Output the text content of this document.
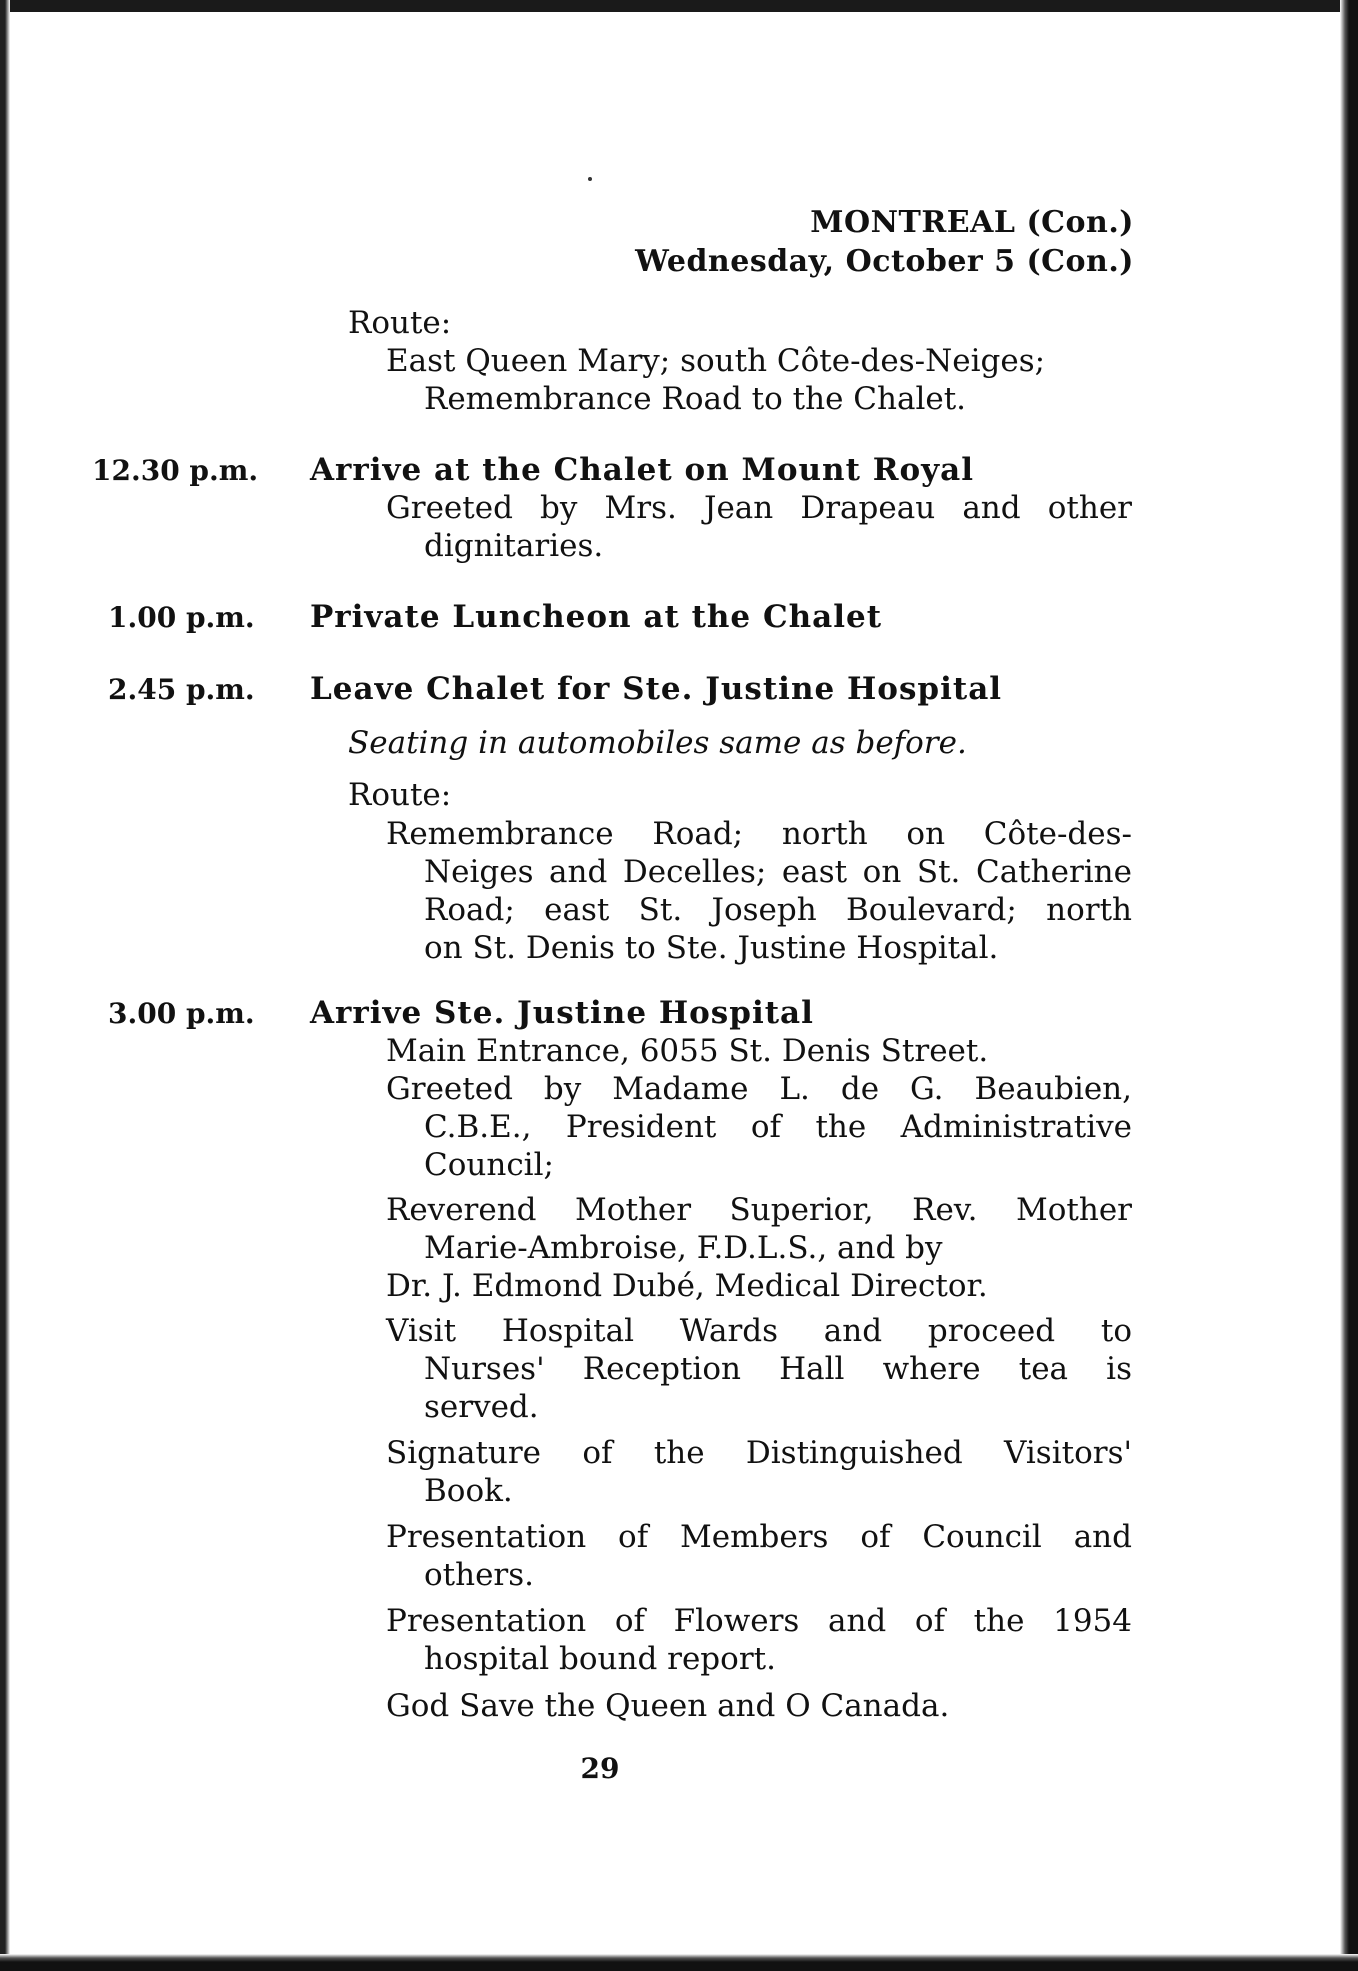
MONTREAL (Con.)
Wednesday, October 5 (Con.)
Route:
East Queen Mary; south Côte-des-Neiges;
Remembrance Road to the Chalet.
12.30 p.m. Arrive at the Chalet on Mount Royal
Greeted by Mrs. Jean Drapeau and other
dignitaries.
1.00 p.m. Private Luncheon at the Chalet
2.45 p.m. Leave Chalet for Ste. Justine Hospital
Seating in automobiles same as before.
Route:
Remembrance Road; north on Côte-des-
Neiges and Decelles; east on St. Catherine
Road; east St. Joseph Boulevard; north
on St. Denis to Ste. Justine Hospital.
3.00 p.m. Arrive Ste. Justine Hospital
Main Entrance, 6055 St. Denis Street.
Greeted by Madame L. de G. Beaubien,
C.B.E., President of the Administrative
Council;
Reverend Mother Superior, Rev. Mother
Marie-Ambroise, F.D.L.S., and by
Dr. J. Edmond Dubé, Medical Director.
Visit Hospital Wards and proceed to
Nurses' Reception Hall where tea is
served.
Signature of the Distinguished Visitors'
Book.
Presentation of Members of Council and
others.
Presentation of Flowers and of the 1954
hospital bound report.
God Save the Queen and O Canada.
29
